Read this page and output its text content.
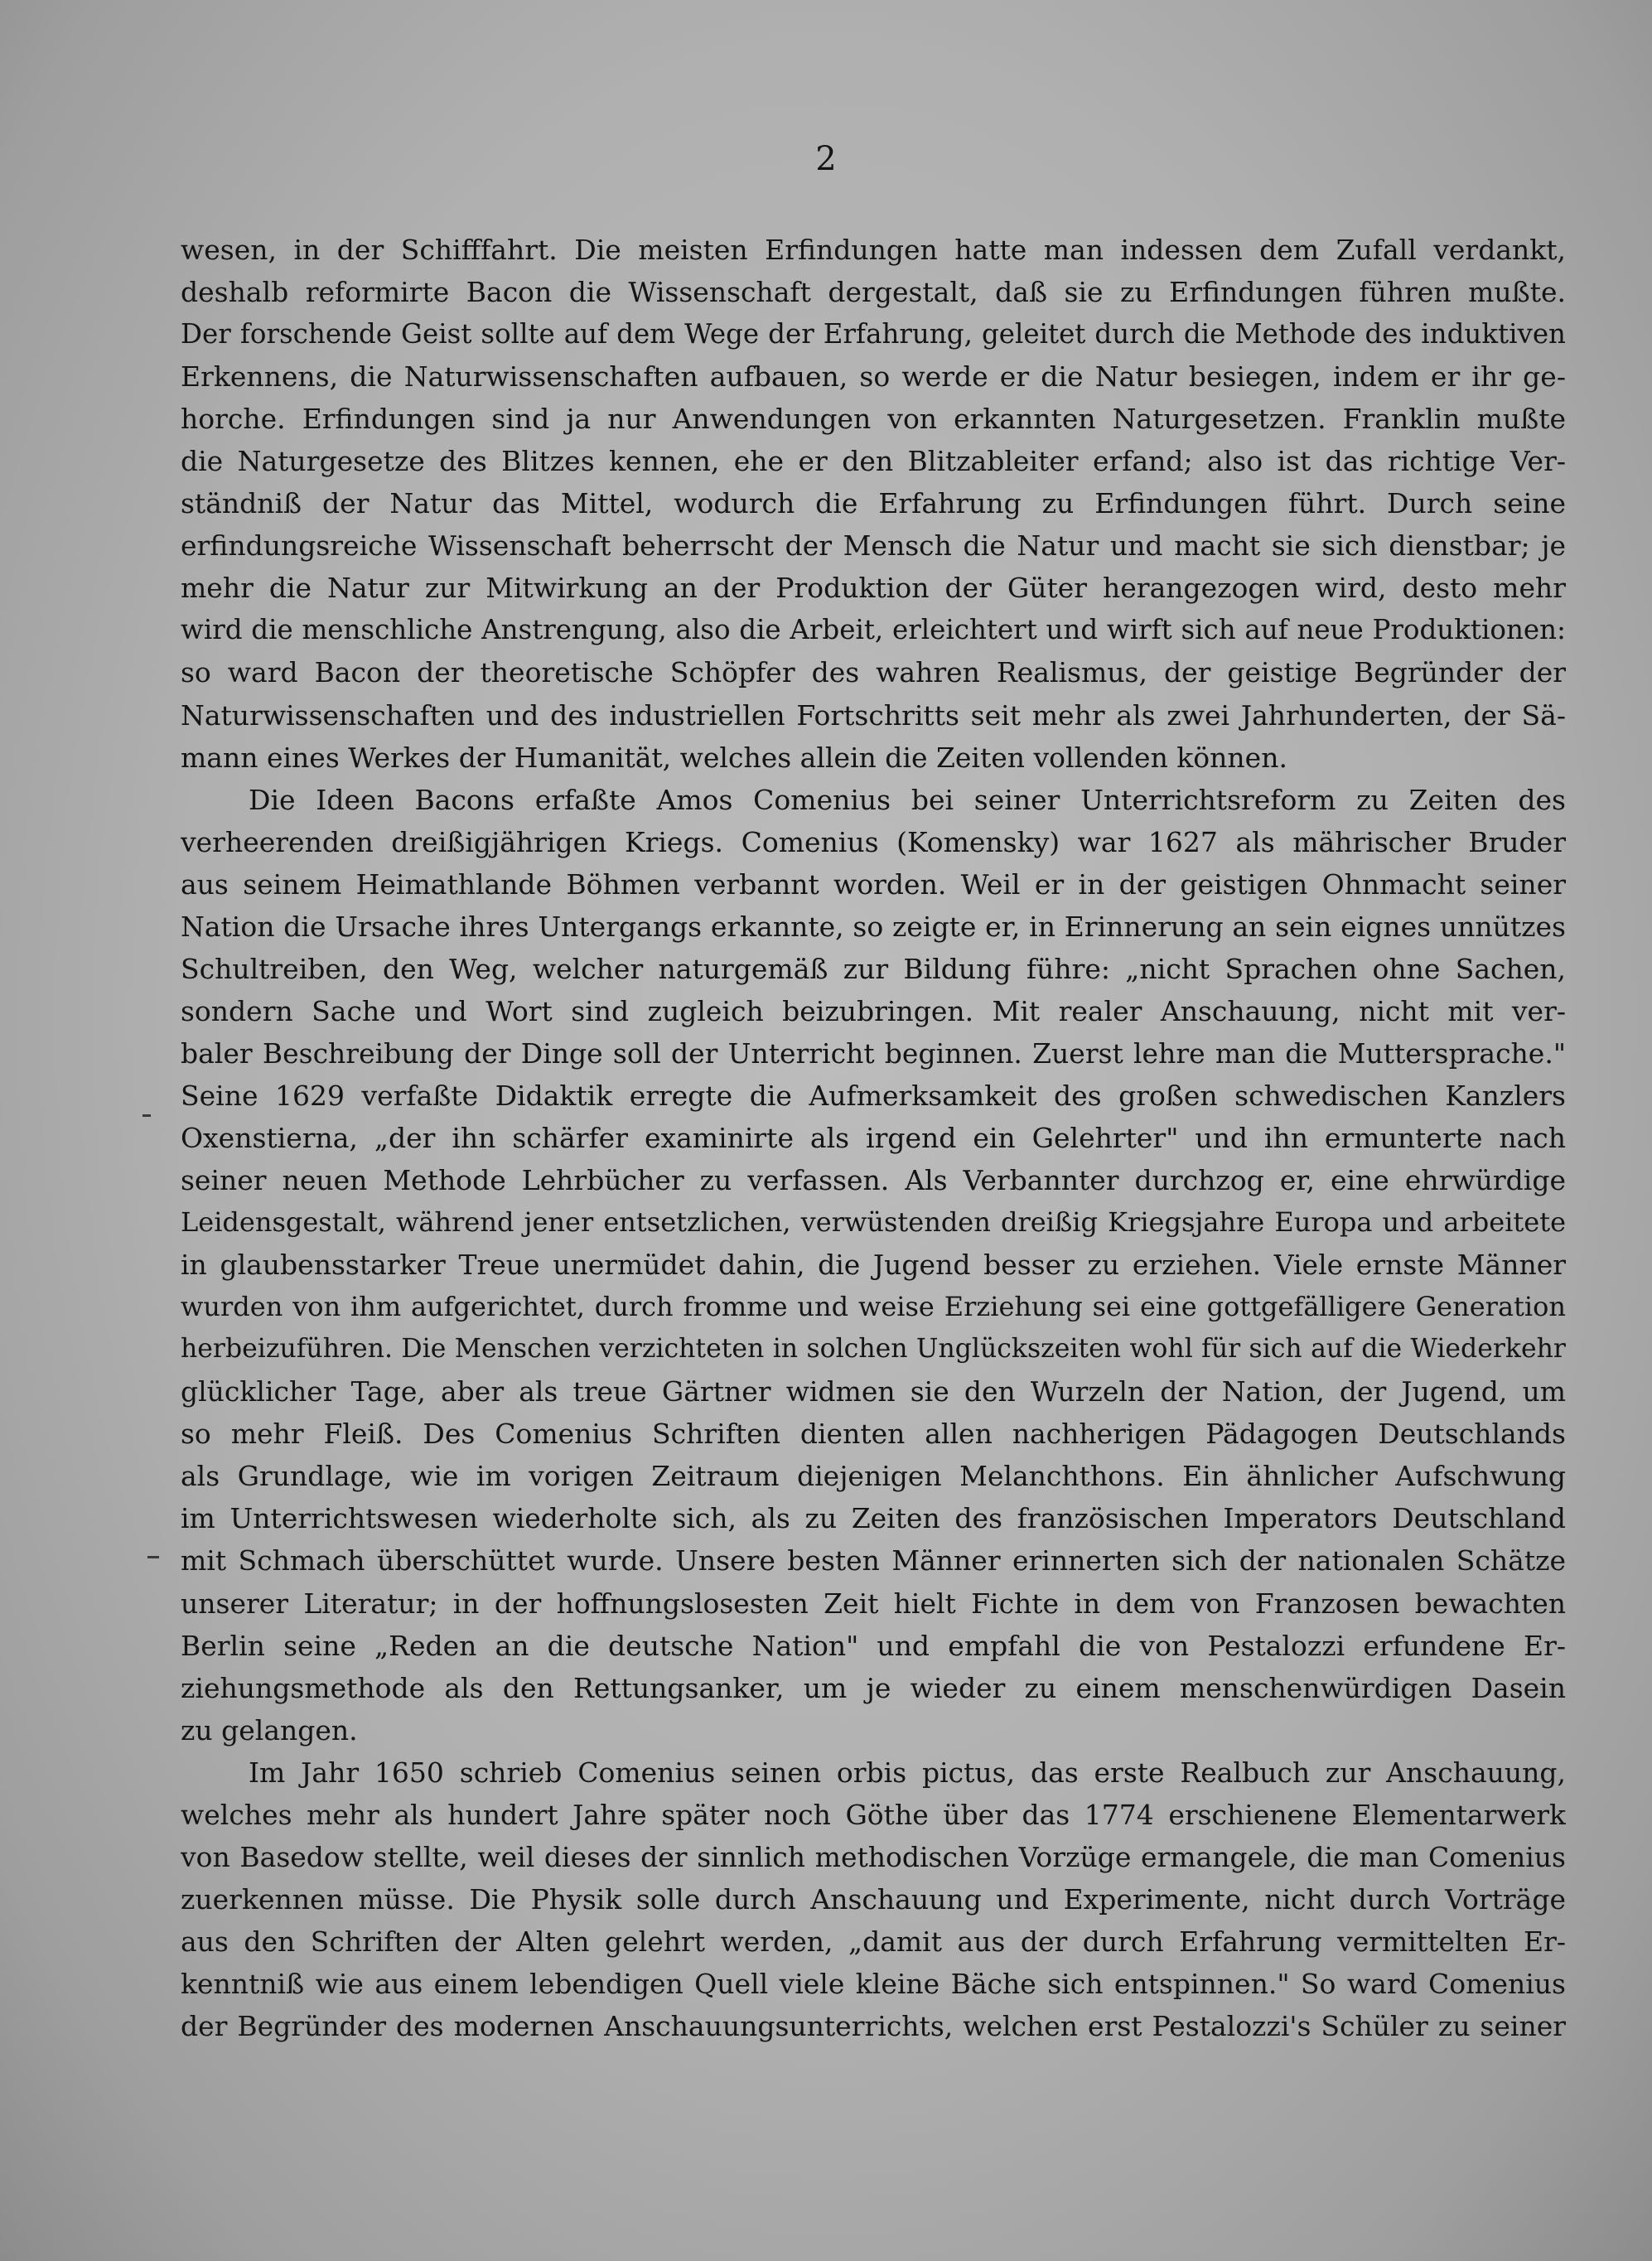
2
wesen, in der Schifffahrt. Die meisten Erfindungen hatte man indessen dem Zufall verdankt,
deshalb reformirte Bacon die Wissenschaft dergestalt, daß sie zu Erfindungen führen mußte.
Der forschende Geist sollte auf dem Wege der Erfahrung, geleitet durch die Methode des induktiven
Erkennens, die Naturwissenschaften aufbauen, so werde er die Natur besiegen, indem er ihr ge-
horche. Erfindungen sind ja nur Anwendungen von erkannten Naturgesetzen. Franklin mußte
die Naturgesetze des Blitzes kennen, ehe er den Blitzableiter erfand; also ist das richtige Ver-
ständniß der Natur das Mittel, wodurch die Erfahrung zu Erfindungen führt. Durch seine
erfindungsreiche Wissenschaft beherrscht der Mensch die Natur und macht sie sich dienstbar; je
mehr die Natur zur Mitwirkung an der Produktion der Güter herangezogen wird, desto mehr
wird die menschliche Anstrengung, also die Arbeit, erleichtert und wirft sich auf neue Produktionen:
so ward Bacon der theoretische Schöpfer des wahren Realismus, der geistige Begründer der
Naturwissenschaften und des industriellen Fortschritts seit mehr als zwei Jahrhunderten, der Sä-
mann eines Werkes der Humanität, welches allein die Zeiten vollenden können.
Die Ideen Bacons erfaßte Amos Comenius bei seiner Unterrichtsreform zu Zeiten des
verheerenden dreißigjährigen Kriegs. Comenius (Komensky) war 1627 als mährischer Bruder
aus seinem Heimathlande Böhmen verbannt worden. Weil er in der geistigen Ohnmacht seiner
Nation die Ursache ihres Untergangs erkannte, so zeigte er, in Erinnerung an sein eignes unnützes
Schultreiben, den Weg, welcher naturgemäß zur Bildung führe: „nicht Sprachen ohne Sachen,
sondern Sache und Wort sind zugleich beizubringen. Mit realer Anschauung, nicht mit ver-
baler Beschreibung der Dinge soll der Unterricht beginnen. Zuerst lehre man die Muttersprache."
Seine 1629 verfaßte Didaktik erregte die Aufmerksamkeit des großen schwedischen Kanzlers
Oxenstierna, „der ihn schärfer examinirte als irgend ein Gelehrter" und ihn ermunterte nach
seiner neuen Methode Lehrbücher zu verfassen. Als Verbannter durchzog er, eine ehrwürdige
Leidensgestalt, während jener entsetzlichen, verwüstenden dreißig Kriegsjahre Europa und arbeitete
in glaubensstarker Treue unermüdet dahin, die Jugend besser zu erziehen. Viele ernste Männer
wurden von ihm aufgerichtet, durch fromme und weise Erziehung sei eine gottgefälligere Generation
herbeizuführen. Die Menschen verzichteten in solchen Unglückszeiten wohl für sich auf die Wiederkehr
glücklicher Tage, aber als treue Gärtner widmen sie den Wurzeln der Nation, der Jugend, um
so mehr Fleiß. Des Comenius Schriften dienten allen nachherigen Pädagogen Deutschlands
als Grundlage, wie im vorigen Zeitraum diejenigen Melanchthons. Ein ähnlicher Aufschwung
im Unterrichtswesen wiederholte sich, als zu Zeiten des französischen Imperators Deutschland
mit Schmach überschüttet wurde. Unsere besten Männer erinnerten sich der nationalen Schätze
unserer Literatur; in der hoffnungslosesten Zeit hielt Fichte in dem von Franzosen bewachten
Berlin seine „Reden an die deutsche Nation" und empfahl die von Pestalozzi erfundene Er-
ziehungsmethode als den Rettungsanker, um je wieder zu einem menschenwürdigen Dasein
zu gelangen.
Im Jahr 1650 schrieb Comenius seinen orbis pictus, das erste Realbuch zur Anschauung,
welches mehr als hundert Jahre später noch Göthe über das 1774 erschienene Elementarwerk
von Basedow stellte, weil dieses der sinnlich methodischen Vorzüge ermangele, die man Comenius
zuerkennen müsse. Die Physik solle durch Anschauung und Experimente, nicht durch Vorträge
aus den Schriften der Alten gelehrt werden, „damit aus der durch Erfahrung vermittelten Er-
kenntniß wie aus einem lebendigen Quell viele kleine Bäche sich entspinnen." So ward Comenius
der Begründer des modernen Anschauungsunterrichts, welchen erst Pestalozzi's Schüler zu seiner
